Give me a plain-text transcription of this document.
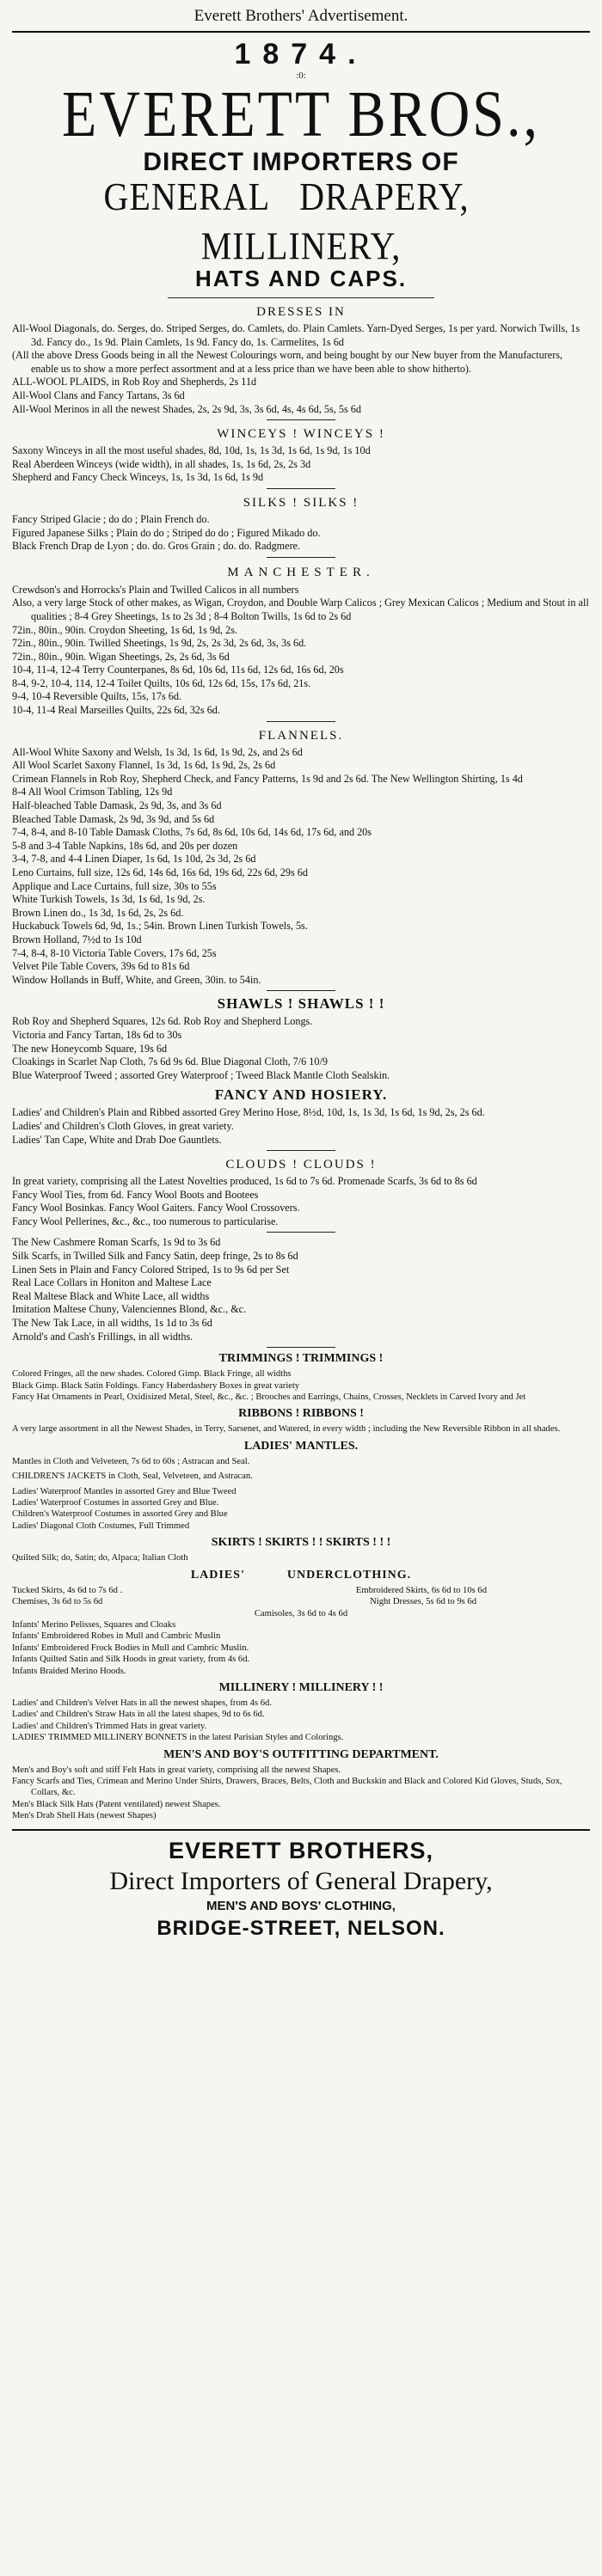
Everett Brothers' Advertisement.
1874.
:0:
EVERETT BROS.,
DIRECT IMPORTERS OF
GENERAL DRAPERY,MILLINERY,
HATS AND CAPS.
DRESSES IN

All-Wool Diagonals, do. Serges, do. Striped Serges, do. Camlets, do. Plain Camlets. Yarn-Dyed Serges, 1s per yard. Norwich Twills, 1s 3d. Fancy do., 1s 9d. Plain Camlets, 1s 9d. Fancy do, 1s. Carmelites, 1s 6d

(All the above Dress Goods being in all the Newest Colourings worn, and being bought by our New buyer from the Manufacturers, enable us to show a more perfect assortment and at a less price than we have been able to show hitherto).

ALL-WOOL PLAIDS, in Rob Roy and Shepherds, 2s 11d

All-Wool Clans and Fancy Tartans, 3s 6d

All-Wool Merinos in all the newest Shades, 2s, 2s 9d, 3s, 3s 6d, 4s, 4s 6d, 5s, 5s 6d

WINCEYS ! WINCEYS !

Saxony Winceys in all the most useful shades, 8d, 10d, 1s, 1s 3d, 1s 6d, 1s 9d, 1s 10d

Real Aberdeen Winceys (wide width), in all shades, 1s, 1s 6d, 2s, 2s 3d

Shepherd and Fancy Check Winceys, 1s, 1s 3d, 1s 6d, 1s 9d

SILKS ! SILKS !

Fancy Striped Glacie ; do do ; Plain French do.

Figured Japanese Silks ; Plain do do ; Striped do do ; Figured Mikado do.

Black French Drap de Lyon ; do. do. Gros Grain ; do. do. Radgmere.

MANCHESTER.

Crewdson's and Horrocks's Plain and Twilled Calicos in all numbers

Also, a very large Stock of other makes, as Wigan, Croydon, and Double Warp Calicos ; Grey Mexican Calicos ; Medium and Stout in all qualities ; 8-4 Grey Sheetings, 1s to 2s 3d ; 8-4 Bolton Twills, 1s 6d to 2s 6d

72in., 80in., 90in. Croydon Sheeting, 1s 6d, 1s 9d, 2s.

72in., 80in., 90in. Twilled Sheetings, 1s 9d, 2s, 2s 3d, 2s 6d, 3s, 3s 6d.

72in., 80in., 90in. Wigan Sheetings, 2s, 2s 6d, 3s 6d

10-4, 11-4, 12-4 Terry Counterpanes, 8s 6d, 10s 6d, 11s 6d, 12s 6d, 16s 6d, 20s

8-4, 9-2, 10-4, 114, 12-4 Toilet Quilts, 10s 6d, 12s 6d, 15s, 17s 6d, 21s.

9-4, 10-4 Reversible Quilts, 15s, 17s 6d.

10-4, 11-4 Real Marseilles Quilts, 22s 6d, 32s 6d.

FLANNELS.

All-Wool White Saxony and Welsh, 1s 3d, 1s 6d, 1s 9d, 2s, and 2s 6d

All Wool Scarlet Saxony Flannel, 1s 3d, 1s 6d, 1s 9d, 2s, 2s 6d

Crimean Flannels in Rob Roy, Shepherd Check, and Fancy Patterns, 1s 9d and 2s 6d. The New Wellington Shirting, 1s 4d

8-4 All Wool Crimson Tabling, 12s 9d

Half-bleached Table Damask, 2s 9d, 3s, and 3s 6d

Bleached Table Damask, 2s 9d, 3s 9d, and 5s 6d

7-4, 8-4, and 8-10 Table Damask Cloths, 7s 6d, 8s 6d, 10s 6d, 14s 6d, 17s 6d, and 20s

5-8 and 3-4 Table Napkins, 18s 6d, and 20s per dozen

3-4, 7-8, and 4-4 Linen Diaper, 1s 6d, 1s 10d, 2s 3d, 2s 6d

Leno Curtains, full size, 12s 6d, 14s 6d, 16s 6d, 19s 6d, 22s 6d, 29s 6d

Applique and Lace Curtains, full size, 30s to 55s

White Turkish Towels, 1s 3d, 1s 6d, 1s 9d, 2s.

Brown Linen do., 1s 3d, 1s 6d, 2s, 2s 6d.

Huckabuck Towels 6d, 9d, 1s.; 54in. Brown Linen Turkish Towels, 5s.

Brown Holland, 7½d to 1s 10d

7-4, 8-4, 8-10 Victoria Table Covers, 17s 6d, 25s

Velvet Pile Table Covers, 39s 6d to 81s 6d

Window Hollands in Buff, White, and Green, 30in. to 54in.

SHAWLS ! SHAWLS ! !

Rob Roy and Shepherd Squares, 12s 6d. Rob Roy and Shepherd Longs.

Victoria and Fancy Tartan, 18s 6d to 30s

The new Honeycomb Square, 19s 6d

Cloakings in Scarlet Nap Cloth, 7s 6d 9s 6d. Blue Diagonal Cloth, 7/6 10/9

Blue Waterproof Tweed ; assorted Grey Waterproof ; Tweed Black Mantle Cloth Sealskin.

FANCY AND HOSIERY.

Ladies' and Children's Plain and Ribbed assorted Grey Merino Hose, 8½d, 10d, 1s, 1s 3d, 1s 6d, 1s 9d, 2s, 2s 6d.

Ladies' and Children's Cloth Gloves, in great variety.

Ladies' Tan Cape, White and Drab Doe Gauntlets.

CLOUDS ! CLOUDS !

In great variety, comprising all the Latest Novelties produced, 1s 6d to 7s 6d. Promenade Scarfs, 3s 6d to 8s 6d

Fancy Wool Ties, from 6d. Fancy Wool Boots and Bootees

Fancy Wool Bosinkas. Fancy Wool Gaiters. Fancy Wool Crossovers.

Fancy Wool Pellerines, &c., &c., too numerous to particularise.

The New Cashmere Roman Scarfs, 1s 9d to 3s 6d

Silk Scarfs, in Twilled Silk and Fancy Satin, deep fringe, 2s to 8s 6d

Linen Sets in Plain and Fancy Colored Striped, 1s to 9s 6d per Set

Real Lace Collars in Honiton and Maltese Lace

Real Maltese Black and White Lace, all widths

Imitation Maltese Chuny, Valenciennes Blond, &c., &c.

The New Tak Lace, in all widths, 1s 1d to 3s 6d

Arnold's and Cash's Frillings, in all widths.

TRIMMINGS ! TRIMMINGS !

Colored Fringes, all the new shades. Colored Gimp. Black Fringe, all widths

Black Gimp. Black Satin Foldings. Fancy Haberdashery Boxes in great variety

Fancy Hat Ornaments in Pearl, Oxidisized Metal, Steel, &c., &c. ; Brooches and Earrings, Chains, Crosses, Necklets in Carved Ivory and Jet

RIBBONS ! RIBBONS !

A very large assortment in all the Newest Shades, in Terry, Sarsenet, and Watered, in every width ; including the New Reversible Ribbon in all shades.

LADIES' MANTLES.

Mantles in Cloth and Velveteen, 7s 6d to 60s ; Astracan and Seal.

CHILDREN'S JACKETS in Cloth, Seal, Velveteen, and Astracan.

Ladies' Waterproof Mantles in assorted Grey and Blue Tweed

Ladies' Waterproof Costumes in assorted Grey and Blue.

Children's Waterproof Costumes in assorted Grey and Blue

Ladies' Diagonal Cloth Costumes, Full Trimmed

SKIRTS ! SKIRTS ! ! SKIRTS ! ! !

Quilted Silk; do, Satin; do, Alpaca; Italian Cloth

LADIES'	UNDERCLOTHING.
Tucked Skirts, 4s 6d to 7s 6d .	Embroidered Skirts, 6s 6d to 10s 6d
Chemises, 3s 6d to 5s 6d	Night Dresses, 5s 6d to 9s 6d

Camisoles, 3s 6d to 4s 6d

Infants' Merino Pelisses, Squares and Cloaks

Infants' Embroidered Robes in Mull and Cambric Muslin

Infants' Embroidered Frock Bodies in Mull and Cambric Muslin.

Infants Quilted Satin and Silk Hoods in great variety, from 4s 6d.

Infants Braided Merino Hoods.

MILLINERY ! MILLINERY ! !

Ladies' and Children's Velvet Hats in all the newest shapes, from 4s 6d.

Ladies' and Children's Straw Hats in all the latest shapes, 9d to 6s 6d.

Ladies' and Children's Trimmed Hats in great variety.

LADIES' TRIMMED MILLINERY BONNETS in the latest Parisian Styles and Colorings.

MEN'S AND BOY'S OUTFITTING DEPARTMENT.

Men's and Boy's soft and stiff Felt Hats in great variety, comprising all the newest Shapes.

Fancy Scarfs and Ties, Crimean and Merino Under Shirts, Drawers, Braces, Belts, Cloth and Buckskin and Black and Colored Kid Gloves, Studs, Sox, Collars, &c.

Men's Black Silk Hats (Patent ventilated) newest Shapes.

Men's Drab Shell Hats (newest Shapes)

EVERETT BROTHERS,
Direct Importers of General Drapery,
MEN'S AND BOYS' CLOTHING,
BRIDGE-STREET, NELSON.
